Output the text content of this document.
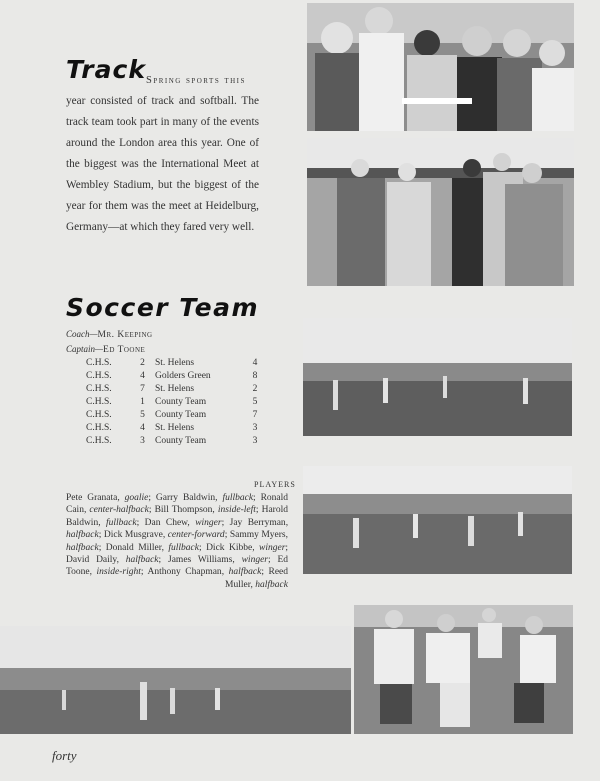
Track Spring sports this
year consisted of track and softball. The track team took part in many of the events around the London area this year. One of the biggest was the International Meet at Wembley Stadium, but the biggest of the year for them was the meet at Heidelburg, Germany—at which they fared very well.
Soccer Team
Coach—Mr. Keeping
Captain—Ed Toone
C.H.S.	2	St. Helens	4
C.H.S.	4	Golders Green	8
C.H.S.	7	St. Helens	2
C.H.S.	1	County Team	5
C.H.S.	5	County Team	7
C.H.S.	4	St. Helens	3
C.H.S.	3	County Team	3
PLAYERS
Pete Granata, goalie; Garry Baldwin, fullback; Ronald Cain, center-halfback; Bill Thompson, inside-left; Harold Baldwin, fullback; Dan Chew, winger; Jay Berryman, halfback; Dick Musgrave, center-forward; Sammy Myers, halfback; Donald Miller, fullback; Dick Kibbe, winger; David Daily, halfback; James Williams, winger; Ed Toone, inside-right; Anthony Chapman, halfback; Reed Muller, halfback
forty
